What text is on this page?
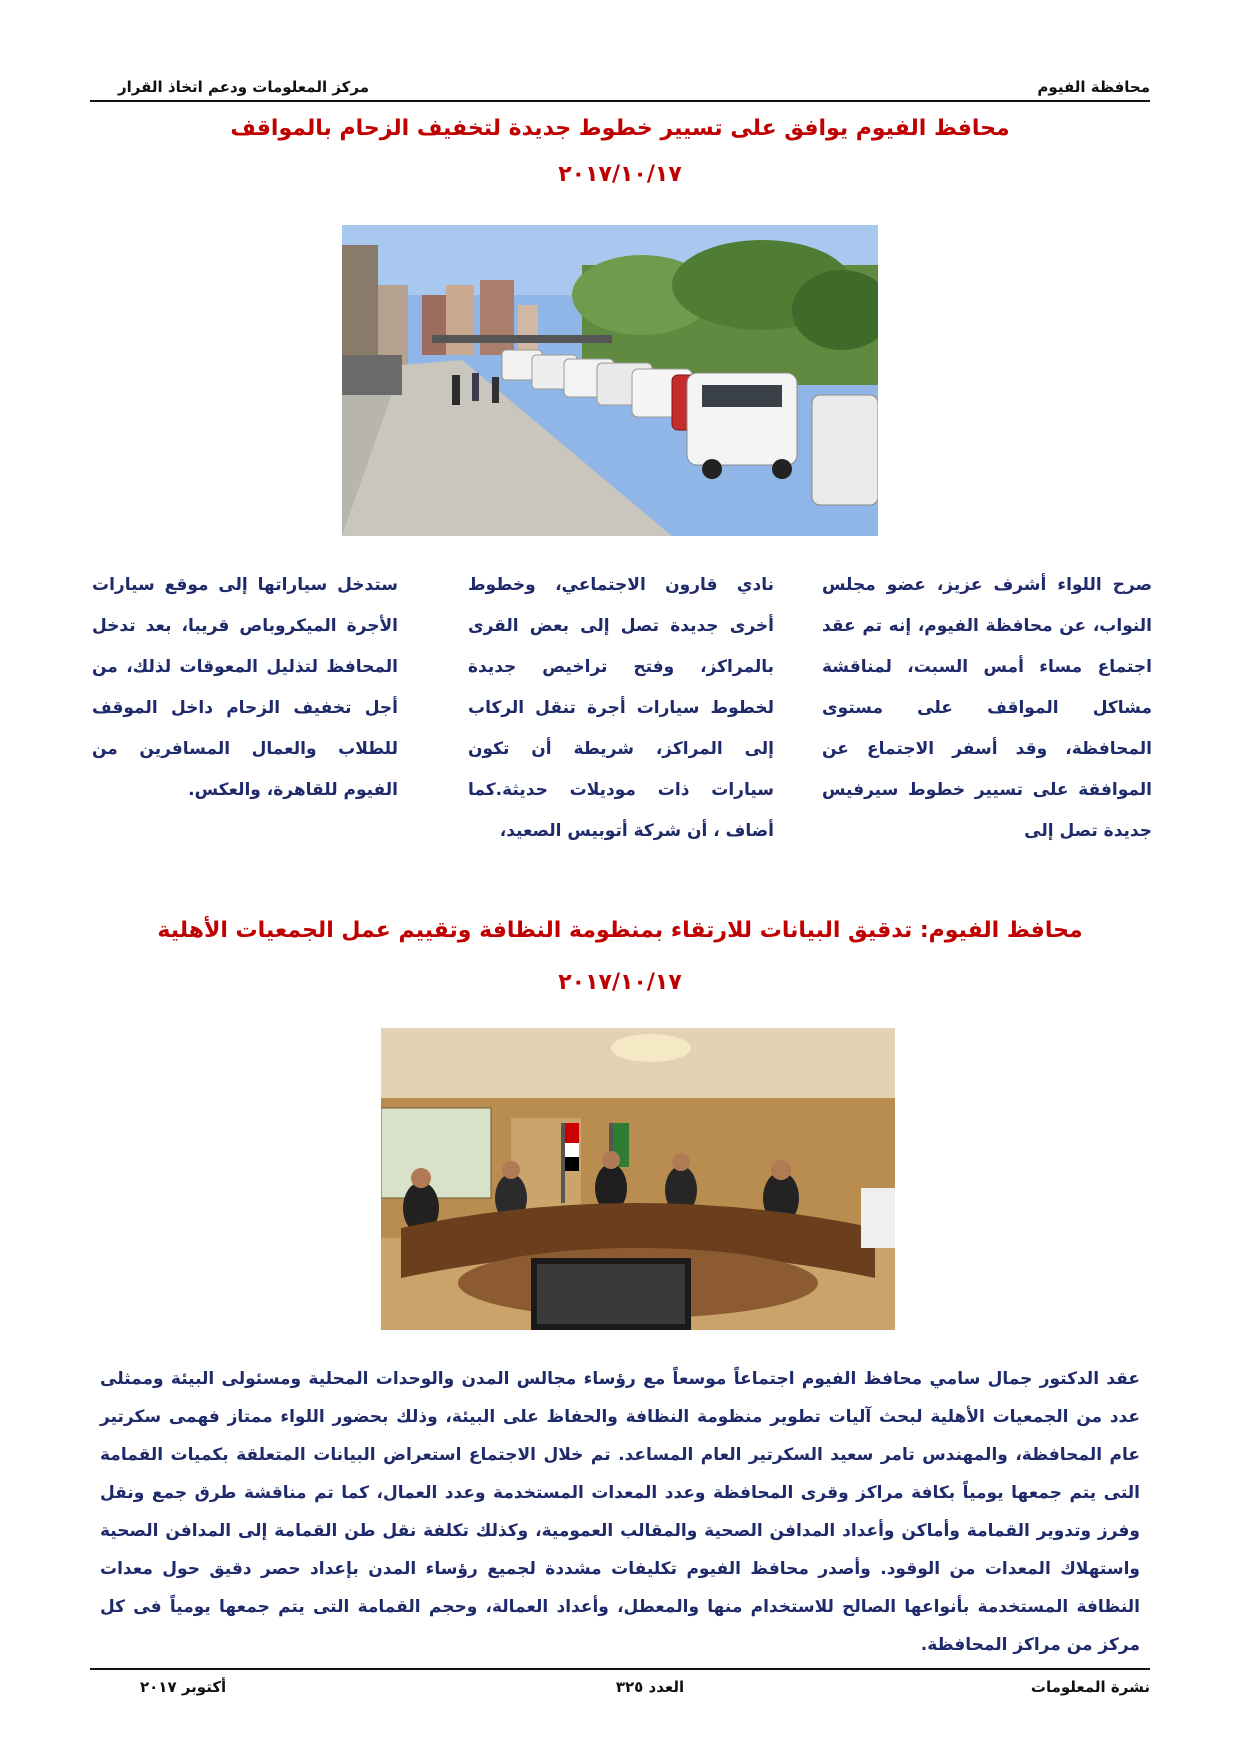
محافظة الفيوم
مركز المعلومات ودعم اتخاذ القرار
محافظ الفيوم يوافق على تسيير خطوط جديدة لتخفيف الزحام بالمواقف
٢٠١٧/١٠/١٧

صرح اللواء أشرف عزيز، عضو مجلس النواب، عن محافظة الفيوم، إنه تم عقد اجتماع مساء أمس السبت، لمناقشة مشاكل المواقف على مستوى المحافظة، وقد أسفر الاجتماع عن الموافقة على تسيير خطوط سيرفيس جديدة تصل إلى

نادي قارون الاجتماعي، وخطوط أخرى جديدة تصل إلى بعض القرى بالمراكز، وفتح تراخيص جديدة لخطوط سيارات أجرة تنقل الركاب إلى المراكز، شريطة أن تكون سيارات ذات موديلات حديثة.كما أضاف ، أن شركة أتوبيس الصعيد،

ستدخل سياراتها إلى موقع سيارات الأجرة الميكروباص قريبا، بعد تدخل المحافظ لتذليل المعوقات لذلك، من أجل تخفيف الزحام داخل الموقف للطلاب والعمال المسافرين من الفيوم للقاهرة، والعكس.

محافظ الفيوم: تدقيق البيانات للارتقاء بمنظومة النظافة وتقييم عمل الجمعيات الأهلية
٢٠١٧/١٠/١٧

عقد الدكتور جمال سامي محافظ الفيوم اجتماعاً موسعاً مع رؤساء مجالس المدن والوحدات المحلية ومسئولى البيئة وممثلى عدد من الجمعيات الأهلية لبحث آليات تطوير منظومة النظافة والحفاظ على البيئة، وذلك بحضور اللواء ممتاز فهمى سكرتير عام المحافظة، والمهندس تامر سعيد السكرتير العام المساعد. تم خلال الاجتماع استعراض البيانات المتعلقة بكميات القمامة التى يتم جمعها يومياً بكافة مراكز وقرى المحافظة وعدد المعدات المستخدمة وعدد العمال، كما تم مناقشة طرق جمع ونقل وفرز وتدوير القمامة وأماكن وأعداد المدافن الصحية والمقالب العمومية، وكذلك تكلفة نقل طن القمامة إلى المدافن الصحية واستهلاك المعدات من الوقود. وأصدر محافظ الفيوم تكليفات مشددة لجميع رؤساء المدن بإعداد حصر دقيق حول معدات النظافة المستخدمة بأنواعها الصالح للاستخدام منها والمعطل، وأعداد العمالة، وحجم القمامة التى يتم جمعها يومياً فى كل مركز من مراكز المحافظة.

نشرة المعلومات
العدد ٣٢٥
أكتوبر ٢٠١٧
